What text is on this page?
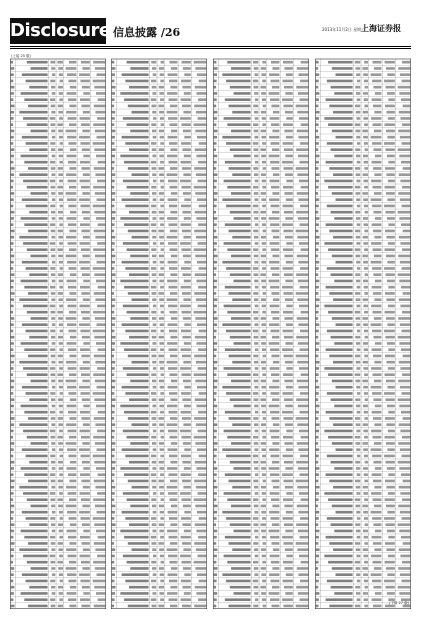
Disclosure 信息披露 /26	2013年11月2日 星期六
上海证券报
(上接 25 版)
(下转 27 版)
